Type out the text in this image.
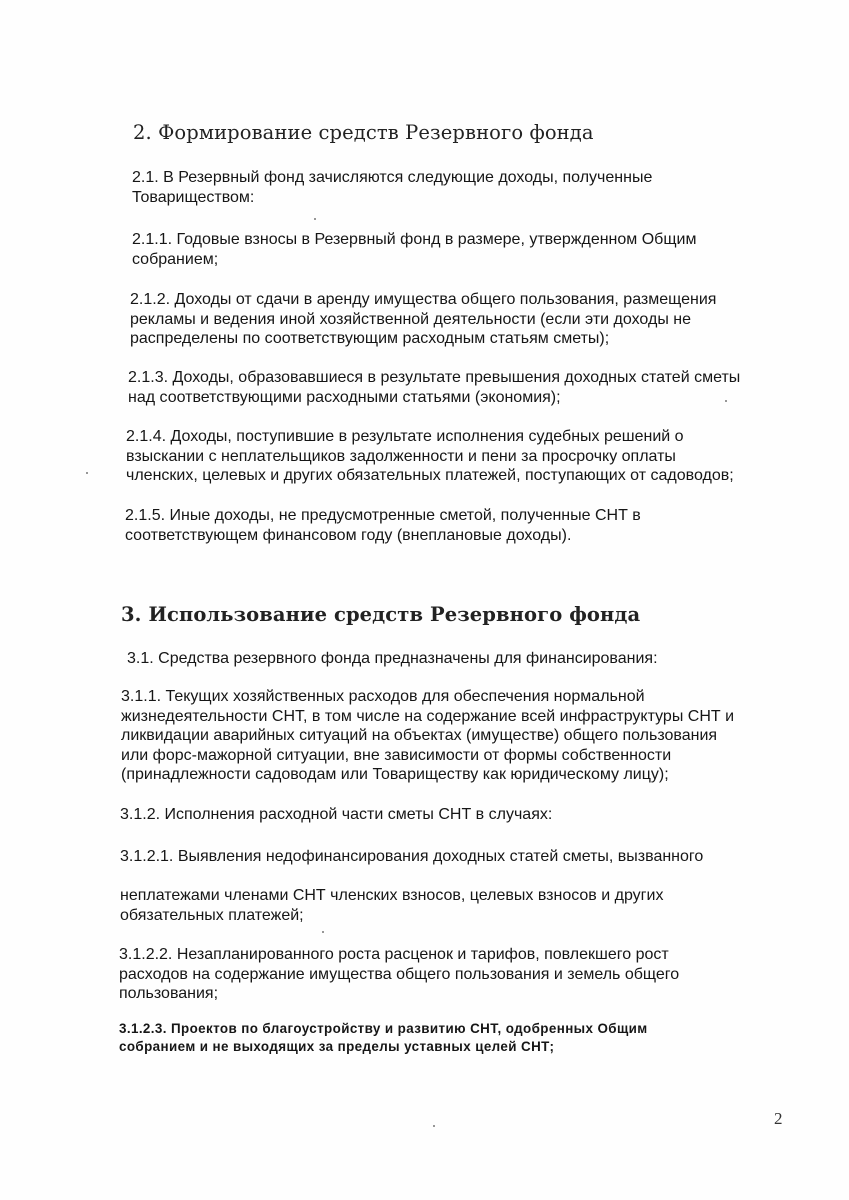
2. Формирование средств Резервного фонда
2.1. В Резервный фонд зачисляются следующие доходы, полученные
Товариществом:
2.1.1. Годовые взносы в Резервный фонд в размере, утвержденном Общим
собранием;
2.1.2. Доходы от сдачи в аренду имущества общего пользования, размещения
рекламы и ведения иной хозяйственной деятельности (если эти доходы не
распределены по соответствующим расходным статьям сметы);
2.1.3. Доходы, образовавшиеся в результате превышения доходных статей сметы
над соответствующими расходными статьями (экономия);
2.1.4. Доходы, поступившие в результате исполнения судебных решений о
взыскании с неплательщиков задолженности и пени за просрочку оплаты
членских, целевых и других обязательных платежей, поступающих от садоводов;
2.1.5. Иные доходы, не предусмотренные сметой, полученные СНТ в
соответствующем финансовом году (внеплановые доходы).
3. Использование средств Резервного фонда
3.1. Средства резервного фонда предназначены для финансирования:
3.1.1. Текущих хозяйственных расходов для обеспечения нормальной
жизнедеятельности СНТ, в том числе на содержание всей инфраструктуры СНТ и
ликвидации аварийных ситуаций на объектах (имуществе) общего пользования
или форс-мажорной ситуации, вне зависимости от формы собственности
(принадлежности садоводам или Товариществу как юридическому лицу);
3.1.2. Исполнения расходной части сметы СНТ в случаях:
3.1.2.1. Выявления недофинансирования доходных статей сметы, вызванного
неплатежами членами СНТ членских взносов, целевых взносов и других
обязательных платежей;
3.1.2.2. Незапланированного роста расценок и тарифов, повлекшего рост
расходов на содержание имущества общего пользования и земель общего
пользования;
3.1.2.3. Проектов по благоустройству и развитию СНТ, одобренных Общим
собранием и не выходящих за пределы уставных целей СНТ;
2
